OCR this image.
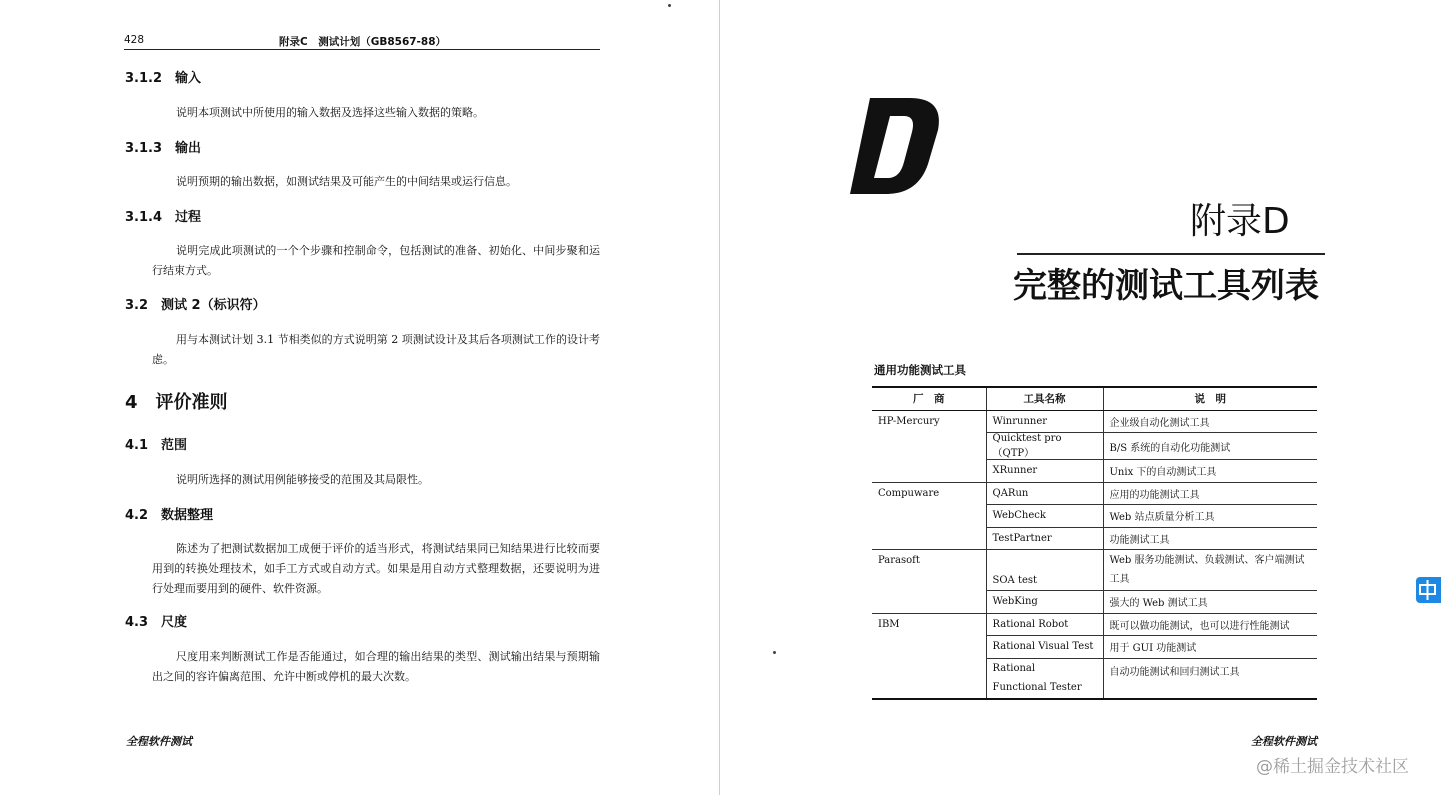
428	附录C　测试计划（GB8567-88）
3.1.2　输入
说明本项测试中所使用的输入数据及选择这些输入数据的策略。
3.1.3　输出
说明预期的输出数据，如测试结果及可能产生的中间结果或运行信息。
3.1.4　过程
说明完成此项测试的一个个步骤和控制命令，包括测试的准备、初始化、中间步聚和运行结束方式。
3.2　测试 2（标识符）
用与本测试计划 3.1 节相类似的方式说明第 2 项测试设计及其后各项测试工作的设计考虑。
4　评价准则
4.1　范围
说明所选择的测试用例能够接受的范围及其局限性。
4.2　数据整理
陈述为了把测试数据加工成便于评价的适当形式，将测试结果同已知结果进行比较而要用到的转换处理技术，如手工方式或自动方式。如果是用自动方式整理数据，还要说明为进行处理而要用到的硬件、软件资源。
4.3　尺度
尺度用来判断测试工作是否能通过，如合理的输出结果的类型、测试输出结果与预期输出之间的容许偏离范围、允许中断或停机的最大次数。
全程软件测试
附录D
完整的测试工具列表
通用功能测试工具
厂　商	工具名称	说　明
HP-Mercury	Winrunner	企业级自动化测试工具
	Quicktest pro （QTP）	B/S 系统的自动化功能测试
	XRunner	Unix 下的自动测试工具
Compuware	QARun	应用的功能测试工具
	WebCheck	Web 站点质量分析工具
	TestPartner	功能测试工具
Parasoft	SOA test	Web 服务功能测试、负载测试、客户端测试工具
	WebKing	强大的 Web 测试工具
IBM	Rational Robot	既可以做功能测试，也可以进行性能测试
	Rational Visual Test	用于 GUI 功能测试
	Rational　　Functional Tester	自动功能测试和回归测试工具
全程软件测试
@稀土掘金技术社区
